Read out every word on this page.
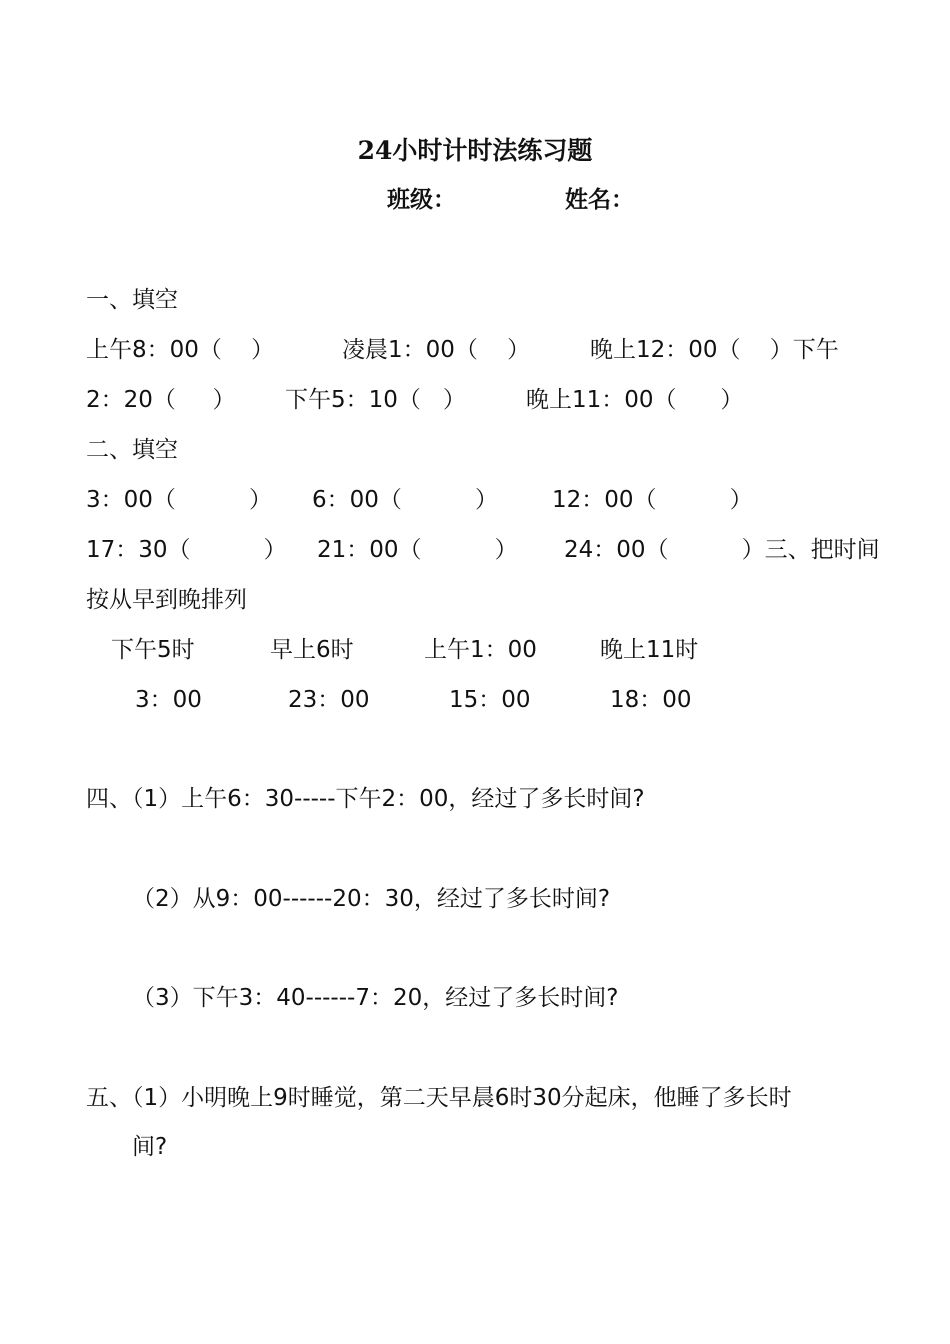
24小时计时法练习题
班级：	姓名：
一、填空
上午8：00（    ）	凌晨1：00（    ）	晚上12：00（    ）下午
2：20（     ） 下午5：10（   ）	晚上11：00（      ）
二、填空
3：00（          ） 6：00（          ） 12：00（          ）
17：30（          ） 21：00（          ） 24：00（          ）三、把时间
按从早到晚排列
下午5时	早上6时	上午1：00	晚上11时
3：00	23：00	15：00	18：00
四、（1）上午6：30-----下午2：00，经过了多长时间?
（2）从9：00------20：30，经过了多长时间?
（3）下午3：40------7：20，经过了多长时间?
五、（1）小明晚上9时睡觉，第二天早晨6时30分起床，他睡了多长时
间?
